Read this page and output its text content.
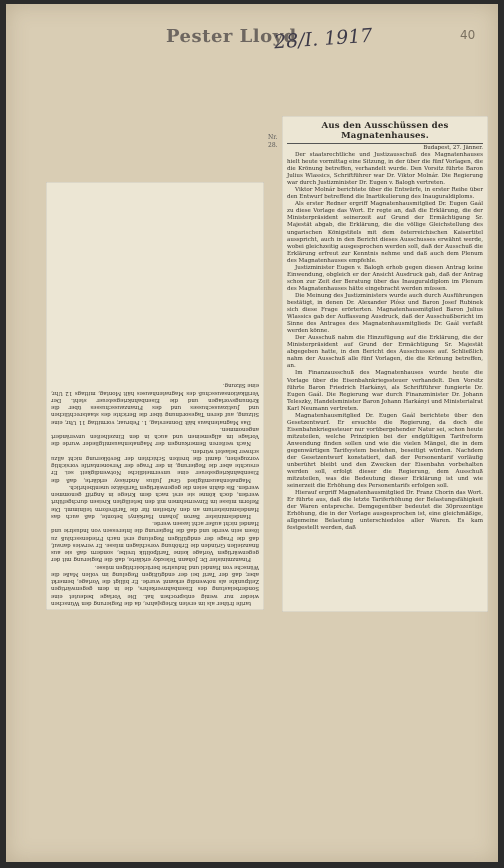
Pester Lloyd
28/I. 1917	40
Nr. 28.
Aus den Ausschüssen des Magnatenhauses.
Budapest, 27. Jänner.

Der staatsrechtliche und Justizausschuß des Magnatenhauses hielt heute vormittag eine Sitzung, in der über die fünf Vorlagen, die die Krönung betreffen, verhandelt wurde. Den Vorsitz führte Baron Julius Wlassics, Schriftführer war Dr. Viktor Molnár. Die Regierung war durch Justizminister Dr. Eugen v. Balogh vertreten.

Viktor Molnár berichtete über die Entwürfe, in erster Reihe über den Entwurf betreffend die Inartikulierung des Inauguraldiploms.

Als erster Redner ergriff Magnatenhausmitglied Dr. Eugen Gaál zu diese Vorlage das Wort. Er regte an, daß die Erklärung, die der Ministerpräsident seinerzeit auf Grund der Ermächtigung Sr. Majestät abgab, die Erklärung, die die völlige Gleichstellung des ungarischen Königstitels mit dem österreichischen Kaisertitel ausspricht, auch in den Bericht dieses Ausschusses erwähnt werde, wobei gleichzeitig ausgesprochen werden soll, daß der Ausschuß die Erklärung erfreut zur Kenntnis nehme und daß auch dem Plenum des Magnatenhauses empfehle.

Justizminister Eugen v. Balogh erhob gegen diesen Antrag keine Einwendung, obgleich er der Ansicht Ausdruck gab, daß der Antrag schon zur Zeit der Beratung über das Inauguraldiplom im Plenum des Magnatenhauses hätte eingebracht werden müssen.

Die Meinung des Justizministers wurde auch durch Ausführungen bestätigt, in denen Dr. Alexander Plósz und Baron Josef Rubinek sich diese Frage erörterten. Magnatenhausmitglied Baron Julius Wlassics gab der Auffassung Ausdruck, daß der Ausschußbericht im Sinne des Antrages des Magnatenhausmitglieds Dr. Gaál verfaßt werden könne.

Der Ausschuß nahm die Hinzufügung auf die Erklärung, die der Ministerpräsident auf Grund der Ermächtigung Sr. Majestät abgegeben hatte, in den Bericht des Ausschusses auf. Schließlich nahm der Ausschuß alle fünf Vorlagen, die die Krönung betreffen, an.

Im Finanzausschuß des Magnatenhauses wurde heute die Vorlage über die Eisenbahnkriegssteuer verhandelt. Den Vorsitz führte Baron Friedrich Harkányi, als Schriftführer fungierte Dr. Eugen Gaál. Die Regierung war durch Finanzminister Dr. Johann Teleszky, Handelsminister Baron Johann Harkányi und Ministerialrat Karl Neumann vertreten.

Magnatenhausmitglied Dr. Eugen Gaál berichtete über den Gesetzentwurf. Er ersuchte die Regierung, da doch die Eisenbahnkriegssteuer nur vorübergehender Natur sei, schon heute mitzuteilen, welche Prinzipien bei der endgültigen Tarifreform Anwendung finden sollen und wie die vielen Mängel, die in dem gegenwärtigen Tarifsystem bestehen, beseitigt würden. Nachdem der Gesetzentwurf konstatiert, daß der Personentarif vorläufig unberührt bleibt und den Zwecken der Eisenbahn vorbehalten werden soll, erfolgt dieser die Regierung, dem Ausschuß mitzuteilen, was die Bedeutung dieser Erklärung ist und wie seinerzeit die Erhöhung des Personentarifs erfolgen soll.

Hierauf ergriff Magnatenhausmitglied Dr. Franz Chorin das Wort. Er führte aus, daß die letzte Tariferhöhung der Belastungsfähigkeit der Waren entspreche. Demgegenüber bedeutet die 30prozentige Erhöhung, die in der Vorlage ausgesprochen ist, eine gleichmäßige, allgemeine Belastung unterschiedslos aller Waren. Es kam festgestellt werden, daß

tarife früher als im ersten Kriegsjahre, da die Regierung den Wünschen wieder nur wenig entsprochen hat. Die Vorlage bedeutet eine Sonderbelastung des Eisenbahnverkehrs, die in dem gegenwärtigen Zeitpunkte als notwendig erkannt wurde. Er billigt die Vorlage, bemerkt aber, daß der Tarif bei der endgültigen Regelung im vollen Maße die Wünsche von Handel und Industrie berücksichtigen müsse.

Finanzminister Dr. Johann Teleszky erklärte, daß die Regierung mit der gegenwärtigen Vorlage keine Tarifpolitik treibe, sondern daß sie aus finanziellen Gründen die Erhöhung vorschlagen müsse. Er verwies darauf, daß die Frage der endgültigen Regelung erst nach Friedensschluß zu lösen sein werde und daß die Regierung die Interessen von Industrie und Handel nicht außer acht lassen werde.

Handelsminister Baron Johann Harkányi betonte, daß auch das Handelsministerium an den Arbeiten für die Tarifreform teilnimmt. Die Reform müsse im Einvernehmen mit den beteiligten Kreisen durchgeführt werden, doch könne sie erst nach dem Kriege in Angriff genommen werden. Bis dahin seien die gegenwärtigen Tarifsätze unentbehrlich.

Magnatenhausmitglied Graf Julius Andrássy erklärte, daß die Eisenbahnkriegssteuer eine unvermeidliche Notwendigkeit sei. Er ersuchte aber die Regierung, in der Frage der Personentarife vorsichtig vorzugehen, damit die breiten Schichten der Bevölkerung nicht allzu schwer belastet würden.

Nach weiteren Bemerkungen der Magnatenhausmitglieder wurde die Vorlage im allgemeinen und auch in den Einzelheiten unverändert angenommen.

Das Magnatenhaus hält Donnerstag, 1. Februar, vormittag 11 Uhr, eine Sitzung, auf deren Tagesordnung über die Berichte des staatsrechtlichen und Justizausschusses und des Finanzausschusses über die Krönungsvorlagen und die Eisenbahnkriegssteuer steht. Der Verifikationsausschuß des Magnatenhauses hält Montag, mittags 12 Uhr, eine Sitzung.
